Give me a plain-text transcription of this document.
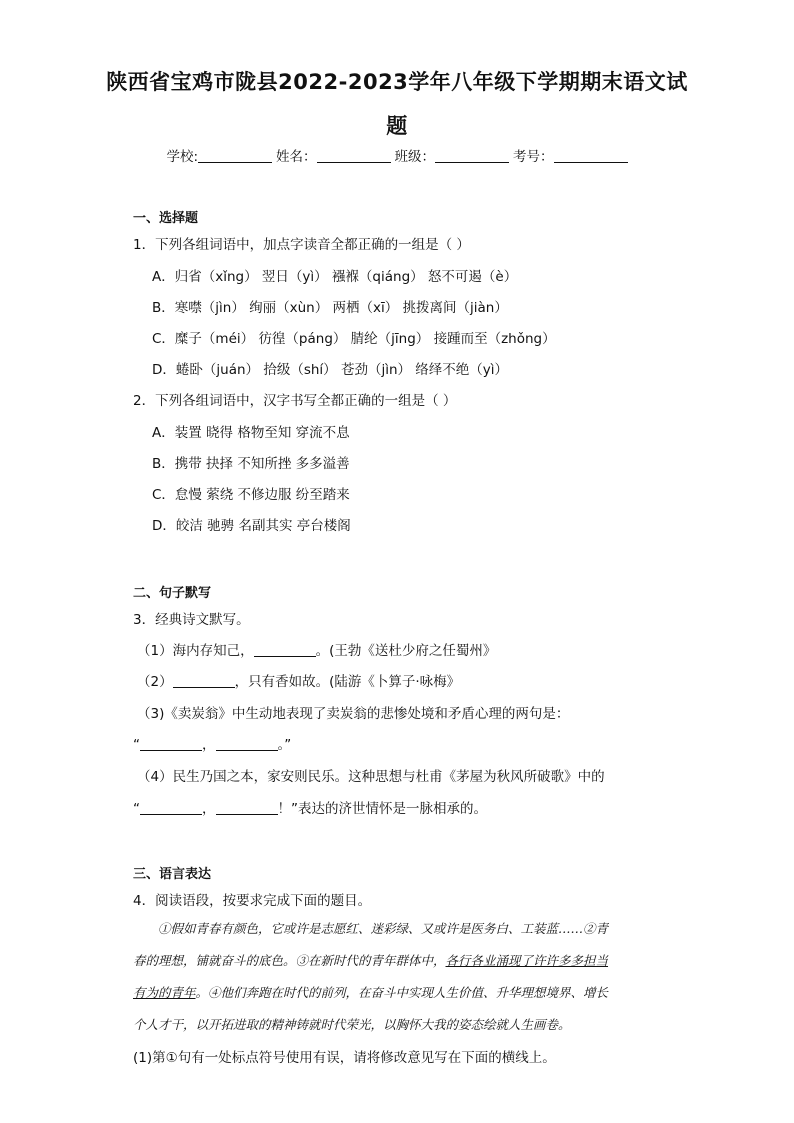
陕西省宝鸡市陇县2022-2023学年八年级下学期期末语文试
题
学校:	姓名：	班级：	考号：
一、选择题
1．下列各组词语中，加点字读音全都正确的一组是（ ）
A．归省（xǐng） 翌日（yì） 襁褓（qiáng） 怒不可遏（è）
B．寒噤（jìn） 绚丽（xùn） 两栖（xī） 挑拨离间（jiàn）
C．糜子（méi） 彷徨（páng） 腈纶（jīng） 接踵而至（zhǒng）
D．蜷卧（juán） 拾级（shí） 苍劲（jìn） 络绎不绝（yì）
2．下列各组词语中，汉字书写全都正确的一组是（ ）
A．装置 晓得 格物至知 穿流不息
B．携带 抉择 不知所挫 多多溢善
C．怠慢 萦绕 不修边服 纷至踏来
D．皎洁 驰骋 名副其实 亭台楼阁
二、句子默写
3．经典诗文默写。
（1）海内存知己，	。(王勃《送杜少府之任蜀州》
（2）	，只有香如故。(陆游《卜算子·咏梅》
（3)《卖炭翁》中生动地表现了卖炭翁的悲惨处境和矛盾心理的两句是：
“	，	。”
（4）民生乃国之本，家安则民乐。这种思想与杜甫《茅屋为秋风所破歌》中的
“	，	！”表达的济世情怀是一脉相承的。
三、语言表达
4．阅读语段，按要求完成下面的题目。

①假如青春有颜色，它或许是志愿红、迷彩绿、又或许是医务白、工装蓝……②青

春的理想，铺就奋斗的底色。③在新时代的青年群体中，各行各业涌现了许许多多担当

有为的青年。④他们奔跑在时代的前列，在奋斗中实现人生价值、升华理想境界、增长

个人才干，以开拓进取的精神铸就时代荣光，以胸怀大我的姿态绘就人生画卷。

(1)第①句有一处标点符号使用有误，请将修改意见写在下面的横线上。
